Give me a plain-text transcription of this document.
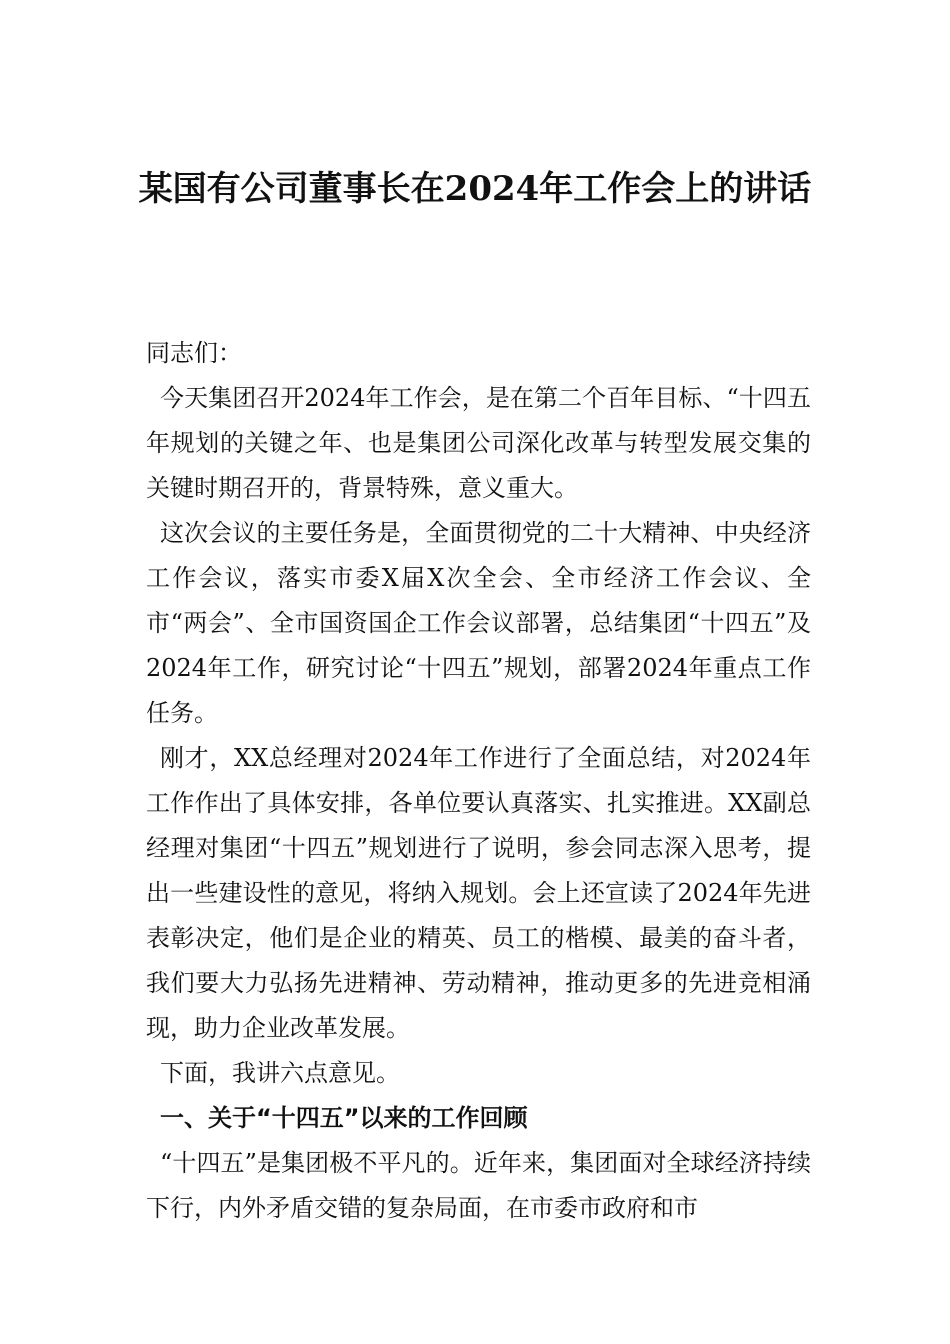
某国有公司董事长在2024年工作会上的讲话

同志们：

今天集团召开2024年工作会，是在第二个百年目标、“十四五年规划的关键之年、也是集团公司深化改革与转型发展交集的关键时期召开的，背景特殊，意义重大。

这次会议的主要任务是，全面贯彻党的二十大精神、中央经济工作会议，落实市委X届X次全会、全市经济工作会议、全市“两会”、全市国资国企工作会议部署，总结集团“十四五”及2024年工作，研究讨论“十四五”规划，部署2024年重点工作任务。

刚才，XX总经理对2024年工作进行了全面总结，对2024年工作作出了具体安排，各单位要认真落实、扎实推进。XX副总经理对集团“十四五”规划进行了说明，参会同志深入思考，提出一些建设性的意见，将纳入规划。会上还宣读了2024年先进表彰决定，他们是企业的精英、员工的楷模、最美的奋斗者，我们要大力弘扬先进精神、劳动精神，推动更多的先进竞相涌现，助力企业改革发展。

下面，我讲六点意见。

一、关于“十四五”以来的工作回顾

“十四五”是集团极不平凡的。近年来，集团面对全球经济持续下行，内外矛盾交错的复杂局面，在市委市政府和市
